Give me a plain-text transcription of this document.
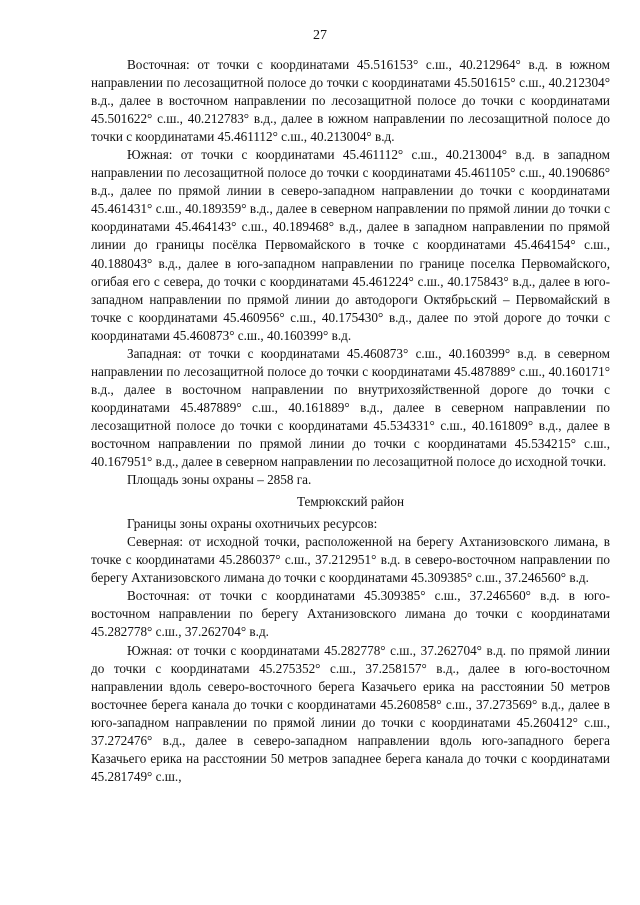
27

Восточная: от точки с координатами 45.516153° с.ш., 40.212964° в.д. в южном направлении по лесозащитной полосе до точки с координатами 45.501615° с.ш., 40.212304° в.д., далее в восточном направлении по лесозащитной полосе до точки с координатами 45.501622° с.ш., 40.212783° в.д., далее в южном направлении по лесозащитной полосе до точки с координатами 45.461112° с.ш., 40.213004° в.д.

Южная: от точки с координатами 45.461112° с.ш., 40.213004° в.д. в западном направлении по лесозащитной полосе до точки с координатами 45.461105° с.ш., 40.190686° в.д., далее по прямой линии в северо-западном направлении до точки с координатами 45.461431° с.ш., 40.189359° в.д., далее в северном направлении по прямой линии до точки с координатами 45.464143° с.ш., 40.189468° в.д., далее в западном направлении по прямой линии до границы посёлка Первомайского в точке с координатами 45.464154° с.ш., 40.188043° в.д., далее в юго-западном направлении по границе поселка Первомайского, огибая его с севера, до точки с координатами 45.461224° с.ш., 40.175843° в.д., далее в юго-западном направлении по прямой линии до автодороги Октябрьский – Первомайский в точке с координатами 45.460956° с.ш., 40.175430° в.д., далее по этой дороге до точки с координатами 45.460873° с.ш., 40.160399° в.д.

Западная: от точки с координатами 45.460873° с.ш., 40.160399° в.д. в северном направлении по лесозащитной полосе до точки с координатами 45.487889° с.ш., 40.160171° в.д., далее в восточном направлении по внутрихозяйственной дороге до точки с координатами 45.487889° с.ш., 40.161889° в.д., далее в северном направлении по лесозащитной полосе до точки с координатами 45.534331° с.ш., 40.161809° в.д., далее в восточном направлении по прямой линии до точки с координатами 45.534215° с.ш., 40.167951° в.д., далее в северном направлении по лесозащитной полосе до исходной точки.

Площадь зоны охраны – 2858 га.

Темрюкский район

Границы зоны охраны охотничьих ресурсов:

Северная: от исходной точки, расположенной на берегу Ахтанизовского лимана, в точке с координатами 45.286037° с.ш., 37.212951° в.д. в северо-восточном направлении по берегу Ахтанизовского лимана до точки с координатами 45.309385° с.ш., 37.246560° в.д.

Восточная: от точки с координатами 45.309385° с.ш., 37.246560° в.д. в юго-восточном направлении по берегу Ахтанизовского лимана до точки с координатами 45.282778° с.ш., 37.262704° в.д.

Южная: от точки с координатами 45.282778° с.ш., 37.262704° в.д. по прямой линии до точки с координатами 45.275352° с.ш., 37.258157° в.д., далее в юго-восточном направлении вдоль северо-восточного берега Казачьего ерика на расстоянии 50 метров восточнее берега канала до точки с координатами 45.260858° с.ш., 37.273569° в.д., далее в юго-западном направлении по прямой линии до точки с координатами 45.260412° с.ш., 37.272476° в.д., далее в северо-западном направлении вдоль юго-западного берега Казачьего ерика на расстоянии 50 метров западнее берега канала до точки с координатами 45.281749° с.ш.,
